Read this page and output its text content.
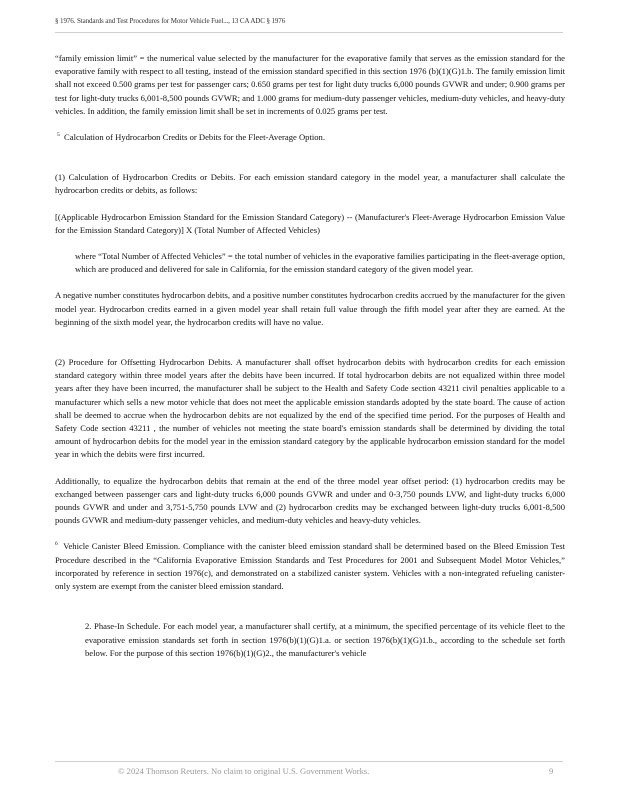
§ 1976. Standards and Test Procedures for Motor Vehicle Fuel..., 13 CA ADC § 1976

“family emission limit” = the numerical value selected by the manufacturer for the evaporative family that serves as the emission standard for the evaporative family with respect to all testing, instead of the emission standard specified in this section 1976 (b)(1)(G)1.b. The family emission limit shall not exceed 0.500 grams per test for passenger cars; 0.650 grams per test for light duty trucks 6,000 pounds GVWR and under; 0.900 grams per test for light-duty trucks 6,001-8,500 pounds GVWR; and 1.000 grams for medium-duty passenger vehicles, medium-duty vehicles, and heavy-duty vehicles. In addition, the family emission limit shall be set in increments of 0.025 grams per test.

$^5$ Calculation of Hydrocarbon Credits or Debits for the Fleet-Average Option.

(1) Calculation of Hydrocarbon Credits or Debits. For each emission standard category in the model year, a manufacturer shall calculate the hydrocarbon credits or debits, as follows:

[(Applicable Hydrocarbon Emission Standard for the Emission Standard Category) -- (Manufacturer's Fleet-Average Hydrocarbon Emission Value for the Emission Standard Category)] X (Total Number of Affected Vehicles)

where “Total Number of Affected Vehicles” = the total number of vehicles in the evaporative families participating in the fleet-average option, which are produced and delivered for sale in California, for the emission standard category of the given model year.

A negative number constitutes hydrocarbon debits, and a positive number constitutes hydrocarbon credits accrued by the manufacturer for the given model year. Hydrocarbon credits earned in a given model year shall retain full value through the fifth model year after they are earned. At the beginning of the sixth model year, the hydrocarbon credits will have no value.

(2) Procedure for Offsetting Hydrocarbon Debits. A manufacturer shall offset hydrocarbon debits with hydrocarbon credits for each emission standard category within three model years after the debits have been incurred. If total hydrocarbon debits are not equalized within three model years after they have been incurred, the manufacturer shall be subject to the Health and Safety Code section 43211 civil penalties applicable to a manufacturer which sells a new motor vehicle that does not meet the applicable emission standards adopted by the state board. The cause of action shall be deemed to accrue when the hydrocarbon debits are not equalized by the end of the specified time period. For the purposes of Health and Safety Code section 43211 , the number of vehicles not meeting the state board's emission standards shall be determined by dividing the total amount of hydrocarbon debits for the model year in the emission standard category by the applicable hydrocarbon emission standard for the model year in which the debits were first incurred.

Additionally, to equalize the hydrocarbon debits that remain at the end of the three model year offset period: (1) hydrocarbon credits may be exchanged between passenger cars and light-duty trucks 6,000 pounds GVWR and under and 0-3,750 pounds LVW, and light-duty trucks 6,000 pounds GVWR and under and 3,751-5,750 pounds LVW and (2) hydrocarbon credits may be exchanged between light-duty trucks 6,001-8,500 pounds GVWR and medium-duty passenger vehicles, and medium-duty vehicles and heavy-duty vehicles.

$^6$ Vehicle Canister Bleed Emission. Compliance with the canister bleed emission standard shall be determined based on the Bleed Emission Test Procedure described in the “California Evaporative Emission Standards and Test Procedures for 2001 and Subsequent Model Motor Vehicles,” incorporated by reference in section 1976(c), and demonstrated on a stabilized canister system. Vehicles with a non-integrated refueling canister-only system are exempt from the canister bleed emission standard.

2. Phase-In Schedule. For each model year, a manufacturer shall certify, at a minimum, the specified percentage of its vehicle fleet to the evaporative emission standards set forth in section 1976(b)(1)(G)1.a. or section 1976(b)(1)(G)1.b., according to the schedule set forth below. For the purpose of this section 1976(b)(1)(G)2., the manufacturer's vehicle

© 2024 Thomson Reuters. No claim to original U.S. Government Works.	9
